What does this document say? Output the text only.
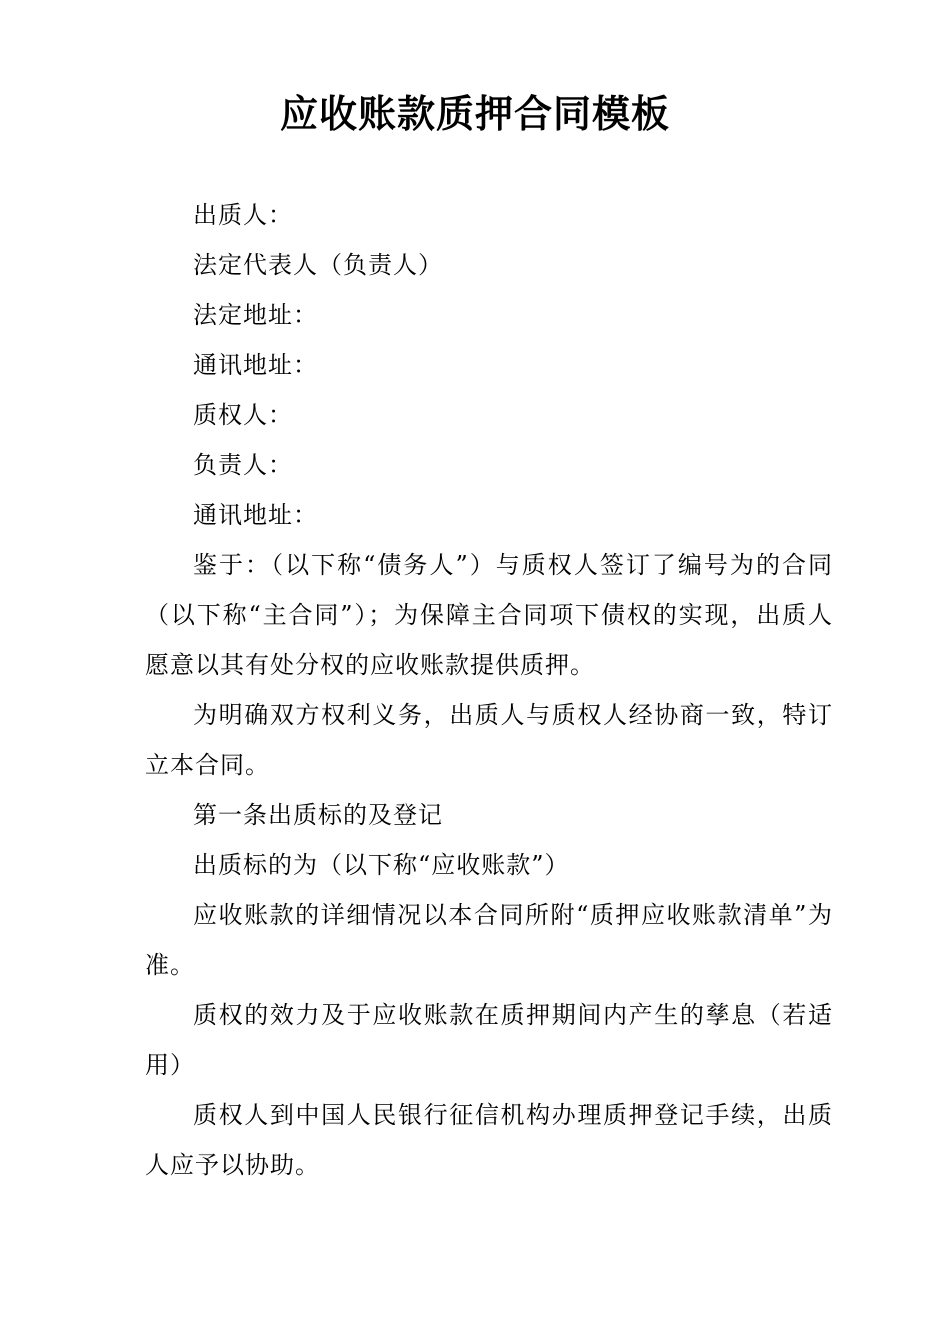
应收账款质押合同模板

出质人：

法定代表人（负责人）

法定地址：

通讯地址：

质权人：

负责人：

通讯地址：

鉴于：（以下称“债务人”）与质权人签订了编号为的合同（以下称“主合同”）；为保障主合同项下债权的实现，出质人愿意以其有处分权的应收账款提供质押。

为明确双方权利义务，出质人与质权人经协商一致，特订立本合同。

第一条出质标的及登记

出质标的为（以下称“应收账款”）

应收账款的详细情况以本合同所附“质押应收账款清单”为准。

质权的效力及于应收账款在质押期间内产生的孳息（若适用）

质权人到中国人民银行征信机构办理质押登记手续，出质人应予以协助。
